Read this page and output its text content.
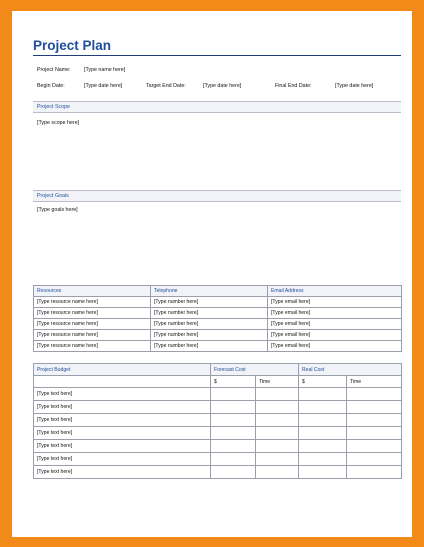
Project Plan
Project Name:	[Type name here]
Begin Date:	[Type date here]	Target End Date:	[Type date here]	Final End Date:	[Type date here]
Project Scope
[Type scope here]
Project Goals
[Type goals here]
Resources	Telephone	Email Address
[Type resource name here]	[Type number here]	[Type email here]
[Type resource name here]	[Type number here]	[Type email here]
[Type resource name here]	[Type number here]	[Type email here]
[Type resource name here]	[Type number here]	[Type email here]
[Type resource name here]	[Type number here]	[Type email here]
Project Budget	Forecast Cost		Real Cost	
	$	Time	$	Time
[Type text here]				
[Type text here]				
[Type text here]				
[Type text here]				
[Type text here]				
[Type text here]				
[Type text here]				
